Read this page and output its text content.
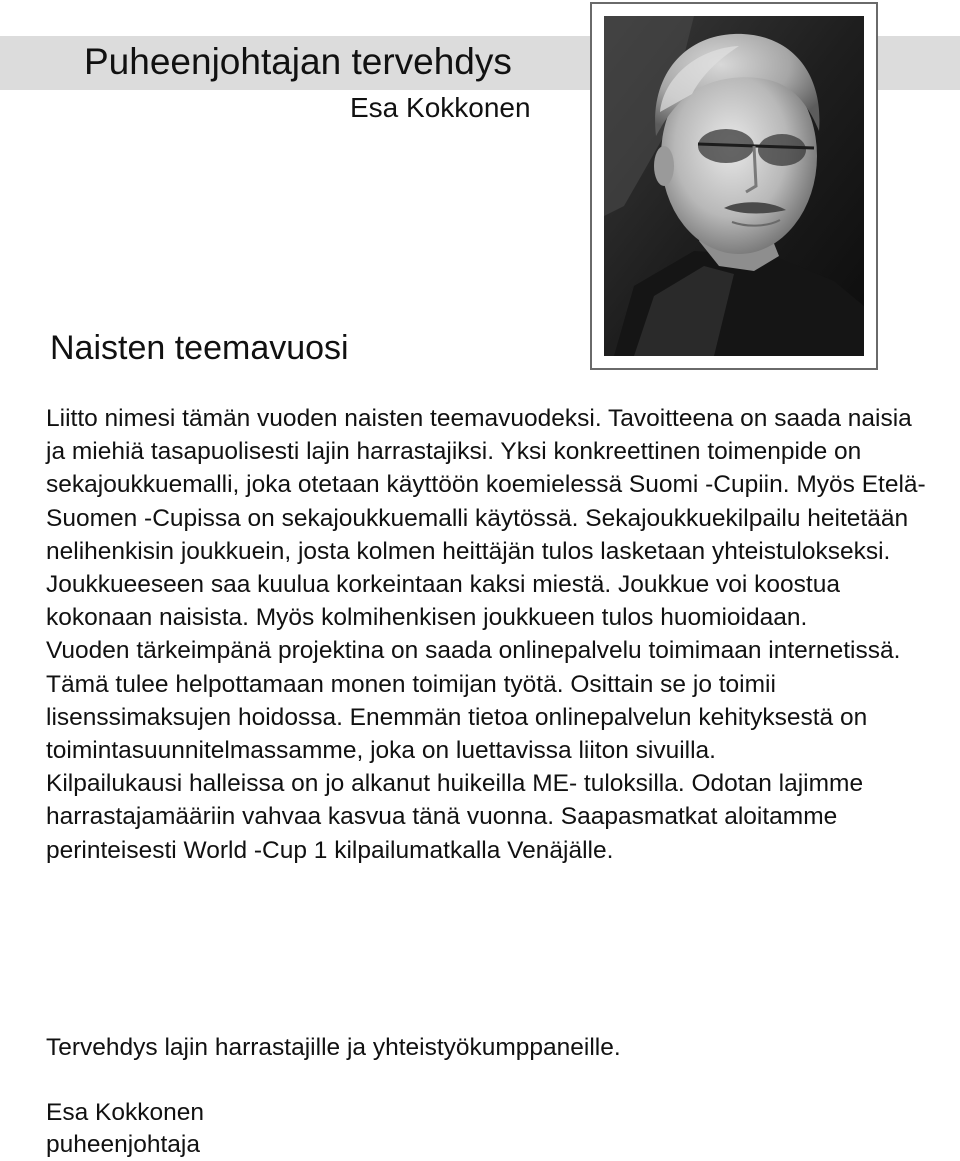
Puheenjohtajan tervehdys
Esa Kokkonen
Naisten teemavuosi

Liitto nimesi tämän vuoden naisten teemavuodeksi. Tavoitteena on saada naisia ja miehiä tasapuolisesti lajin harrastajiksi. Yksi konkreettinen toimenpide on sekajoukkuemalli, joka otetaan käyttöön koemielessä Suomi -Cupiin. Myös Etelä-Suomen -Cupissa on sekajoukkuemalli käytössä. Sekajoukkuekilpailu heitetään nelihenkisin joukkuein, josta kolmen heittäjän tulos lasketaan yhteistulokseksi. Joukkueeseen saa kuulua korkeintaan kaksi miestä. Joukkue voi koostua kokonaan naisista. Myös kolmihenkisen joukkueen tulos huomioidaan.

Vuoden tärkeimpänä projektina on saada onlinepalvelu toimimaan internetissä. Tämä tulee helpottamaan monen toimijan työtä. Osittain se jo toimii lisenssimaksujen hoidossa. Enemmän tietoa onlinepalvelun kehityksestä on toimintasuunnitelmassamme, joka on luettavissa liiton sivuilla.

Kilpailukausi halleissa on jo alkanut huikeilla ME- tuloksilla. Odotan lajimme harrastajamääriin vahvaa kasvua tänä vuonna. Saapasmatkat aloitamme perinteisesti World -Cup 1 kilpailumatkalla Venäjälle.

Tervehdys lajin harrastajille ja yhteistyökumppaneille.
Esa Kokkonen
puheenjohtaja
